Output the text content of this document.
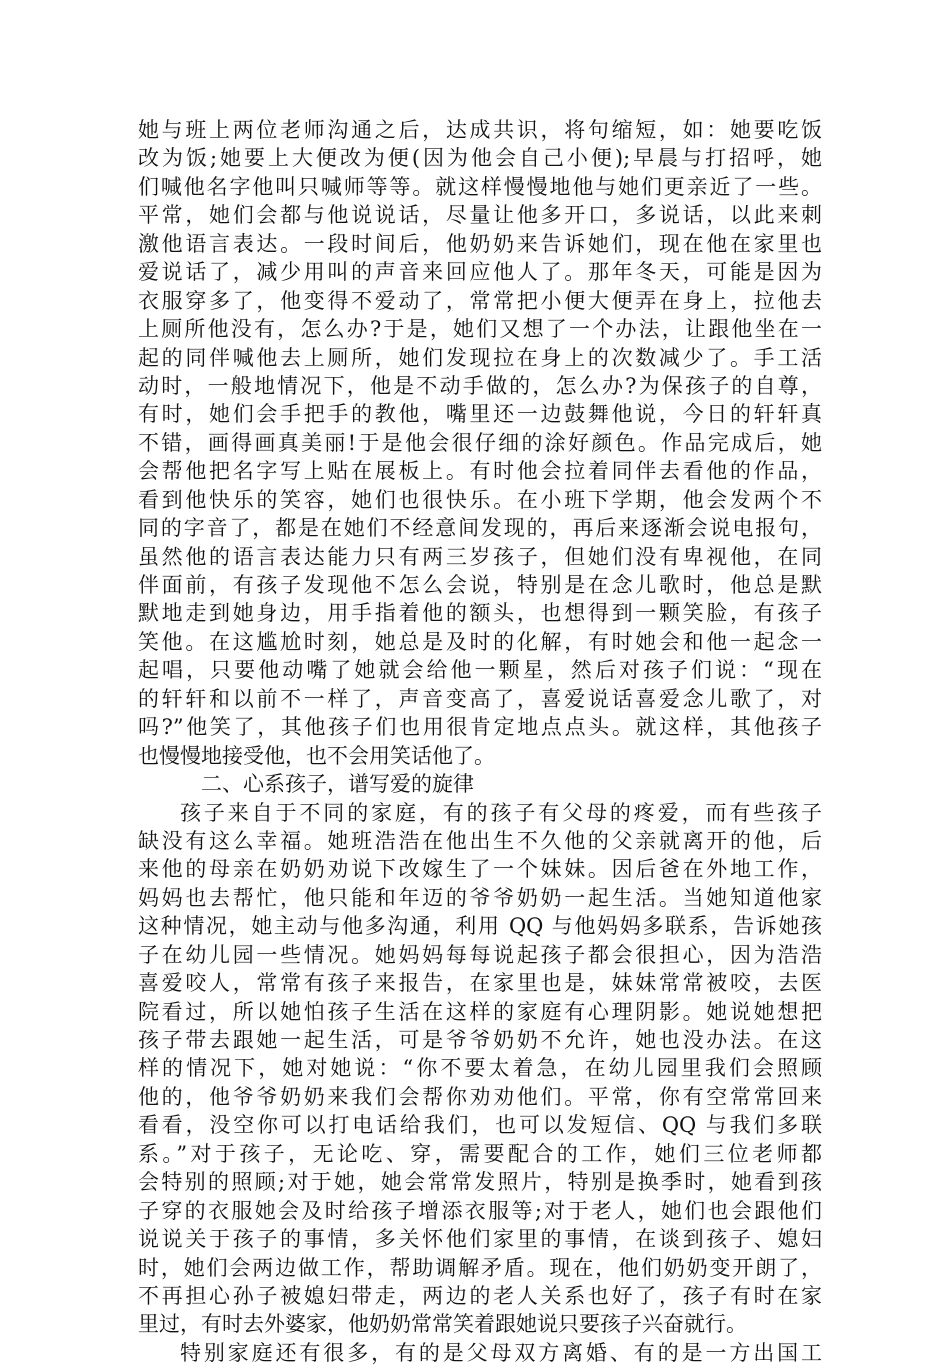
她与班上两位老师沟通之后，达成共识，将句缩短，如：她要吃饭
改为饭;她要上大便改为便(因为他会自己小便);早晨与打招呼，她
们喊他名字他叫只喊师等等。就这样慢慢地他与她们更亲近了一些。
平常，她们会都与他说说话，尽量让他多开口，多说话，以此来刺
激他语言表达。一段时间后，他奶奶来告诉她们，现在他在家里也
爱说话了，减少用叫的声音来回应他人了。那年冬天，可能是因为
衣服穿多了，他变得不爱动了，常常把小便大便弄在身上，拉他去
上厕所他没有，怎么办?于是，她们又想了一个办法，让跟他坐在一
起的同伴喊他去上厕所，她们发现拉在身上的次数减少了。手工活
动时，一般地情况下，他是不动手做的，怎么办?为保孩子的自尊，
有时，她们会手把手的教他，嘴里还一边鼓舞他说，今日的轩轩真
不错，画得画真美丽!于是他会很仔细的涂好颜色。作品完成后，她
会帮他把名字写上贴在展板上。有时他会拉着同伴去看他的作品，
看到他快乐的笑容，她们也很快乐。在小班下学期，他会发两个不
同的字音了，都是在她们不经意间发现的，再后来逐渐会说电报句，
虽然他的语言表达能力只有两三岁孩子，但她们没有卑视他，在同
伴面前，有孩子发现他不怎么会说，特别是在念儿歌时，他总是默
默地走到她身边，用手指着他的额头，也想得到一颗笑脸，有孩子
笑他。在这尴尬时刻，她总是及时的化解，有时她会和他一起念一
起唱，只要他动嘴了她就会给他一颗星，然后对孩子们说：“现在
的轩轩和以前不一样了，声音变高了，喜爱说话喜爱念儿歌了，对
吗?”他笑了，其他孩子们也用很肯定地点点头。就这样，其他孩子
也慢慢地接受他，也不会用笑话他了。
二、心系孩子，谱写爱的旋律
孩子来自于不同的家庭，有的孩子有父母的疼爱，而有些孩子
缺没有这么幸福。她班浩浩在他出生不久他的父亲就离开的他，后
来他的母亲在奶奶劝说下改嫁生了一个妹妹。因后爸在外地工作，
妈妈也去帮忙，他只能和年迈的爷爷奶奶一起生活。当她知道他家
这种情况，她主动与他多沟通，利用 QQ 与他妈妈多联系，告诉她孩
子在幼儿园一些情况。她妈妈每每说起孩子都会很担心，因为浩浩
喜爱咬人，常常有孩子来报告，在家里也是，妹妹常常被咬，去医
院看过，所以她怕孩子生活在这样的家庭有心理阴影。她说她想把
孩子带去跟她一起生活，可是爷爷奶奶不允许，她也没办法。在这
样的情况下，她对她说：“你不要太着急，在幼儿园里我们会照顾
他的，他爷爷奶奶来我们会帮你劝劝他们。平常，你有空常常回来
看看，没空你可以打电话给我们，也可以发短信、QQ 与我们多联
系。”对于孩子，无论吃、穿，需要配合的工作，她们三位老师都
会特别的照顾;对于她，她会常常发照片，特别是换季时，她看到孩
子穿的衣服她会及时给孩子增添衣服等;对于老人，她们也会跟他们
说说关于孩子的事情，多关怀他们家里的事情，在谈到孩子、媳妇
时，她们会两边做工作，帮助调解矛盾。现在，他们奶奶变开朗了，
不再担心孙子被媳妇带走，两边的老人关系也好了，孩子有时在家
里过，有时去外婆家，他奶奶常常笑着跟她说只要孩子兴奋就行。
特别家庭还有很多，有的是父母双方离婚、有的是一方出国工
